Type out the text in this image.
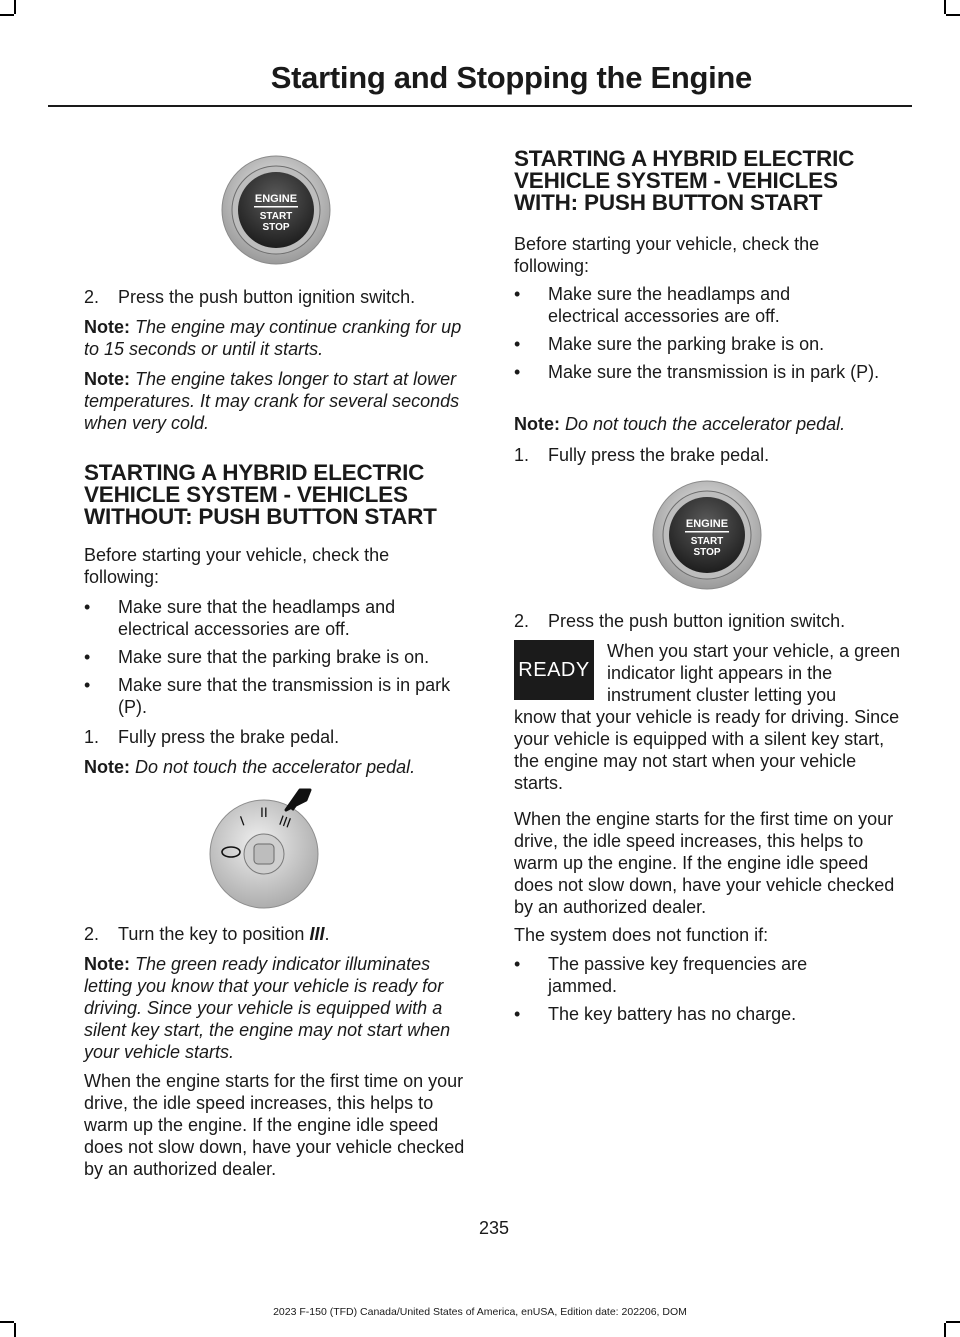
Starting and Stopping the Engine
ENGINE
START
STOP
2.	Press the push button ignition switch.
Note: The engine may continue cranking for up to 15 seconds or until it starts.
Note: The engine takes longer to start at lower temperatures. It may crank for several seconds when very cold.
STARTING A HYBRID ELECTRIC
VEHICLE SYSTEM - VEHICLES
WITHOUT: PUSH BUTTON START
Before starting your vehicle, check the following:
•	Make sure that the headlamps and electrical accessories are off.
•	Make sure that the parking brake is on.
•	Make sure that the transmission is in park (P).
1.	Fully press the brake pedal.
Note: Do not touch the accelerator pedal.
I
II III
2.	Turn the key to position III.
Note: The green ready indicator illuminates letting you know that your vehicle is ready for driving. Since your vehicle is equipped with a silent key start, the engine may not start when your vehicle starts.
When the engine starts for the first time on your drive, the idle speed increases, this helps to warm up the engine. If the engine idle speed does not slow down, have your vehicle checked by an authorized dealer.
STARTING A HYBRID ELECTRIC
VEHICLE SYSTEM - VEHICLES
WITH: PUSH BUTTON START
Before starting your vehicle, check the following:
•	Make sure the headlamps and electrical accessories are off.
•	Make sure the parking brake is on.
•	Make sure the transmission is in park (P).
Note: Do not touch the accelerator pedal.
1.	Fully press the brake pedal.
ENGINE
START
STOP
2.	Press the push button ignition switch.
READY
When you start your vehicle, a green indicator light appears in the instrument cluster letting you
know that your vehicle is ready for driving. Since your vehicle is equipped with a silent key start, the engine may not start when your vehicle starts.
When the engine starts for the first time on your drive, the idle speed increases, this helps to warm up the engine. If the engine idle speed does not slow down, have your vehicle checked by an authorized dealer.
The system does not function if:
•	The passive key frequencies are jammed.
•	The key battery has no charge.
235
2023 F-150 (TFD) Canada/United States of America, enUSA, Edition date: 202206, DOM
